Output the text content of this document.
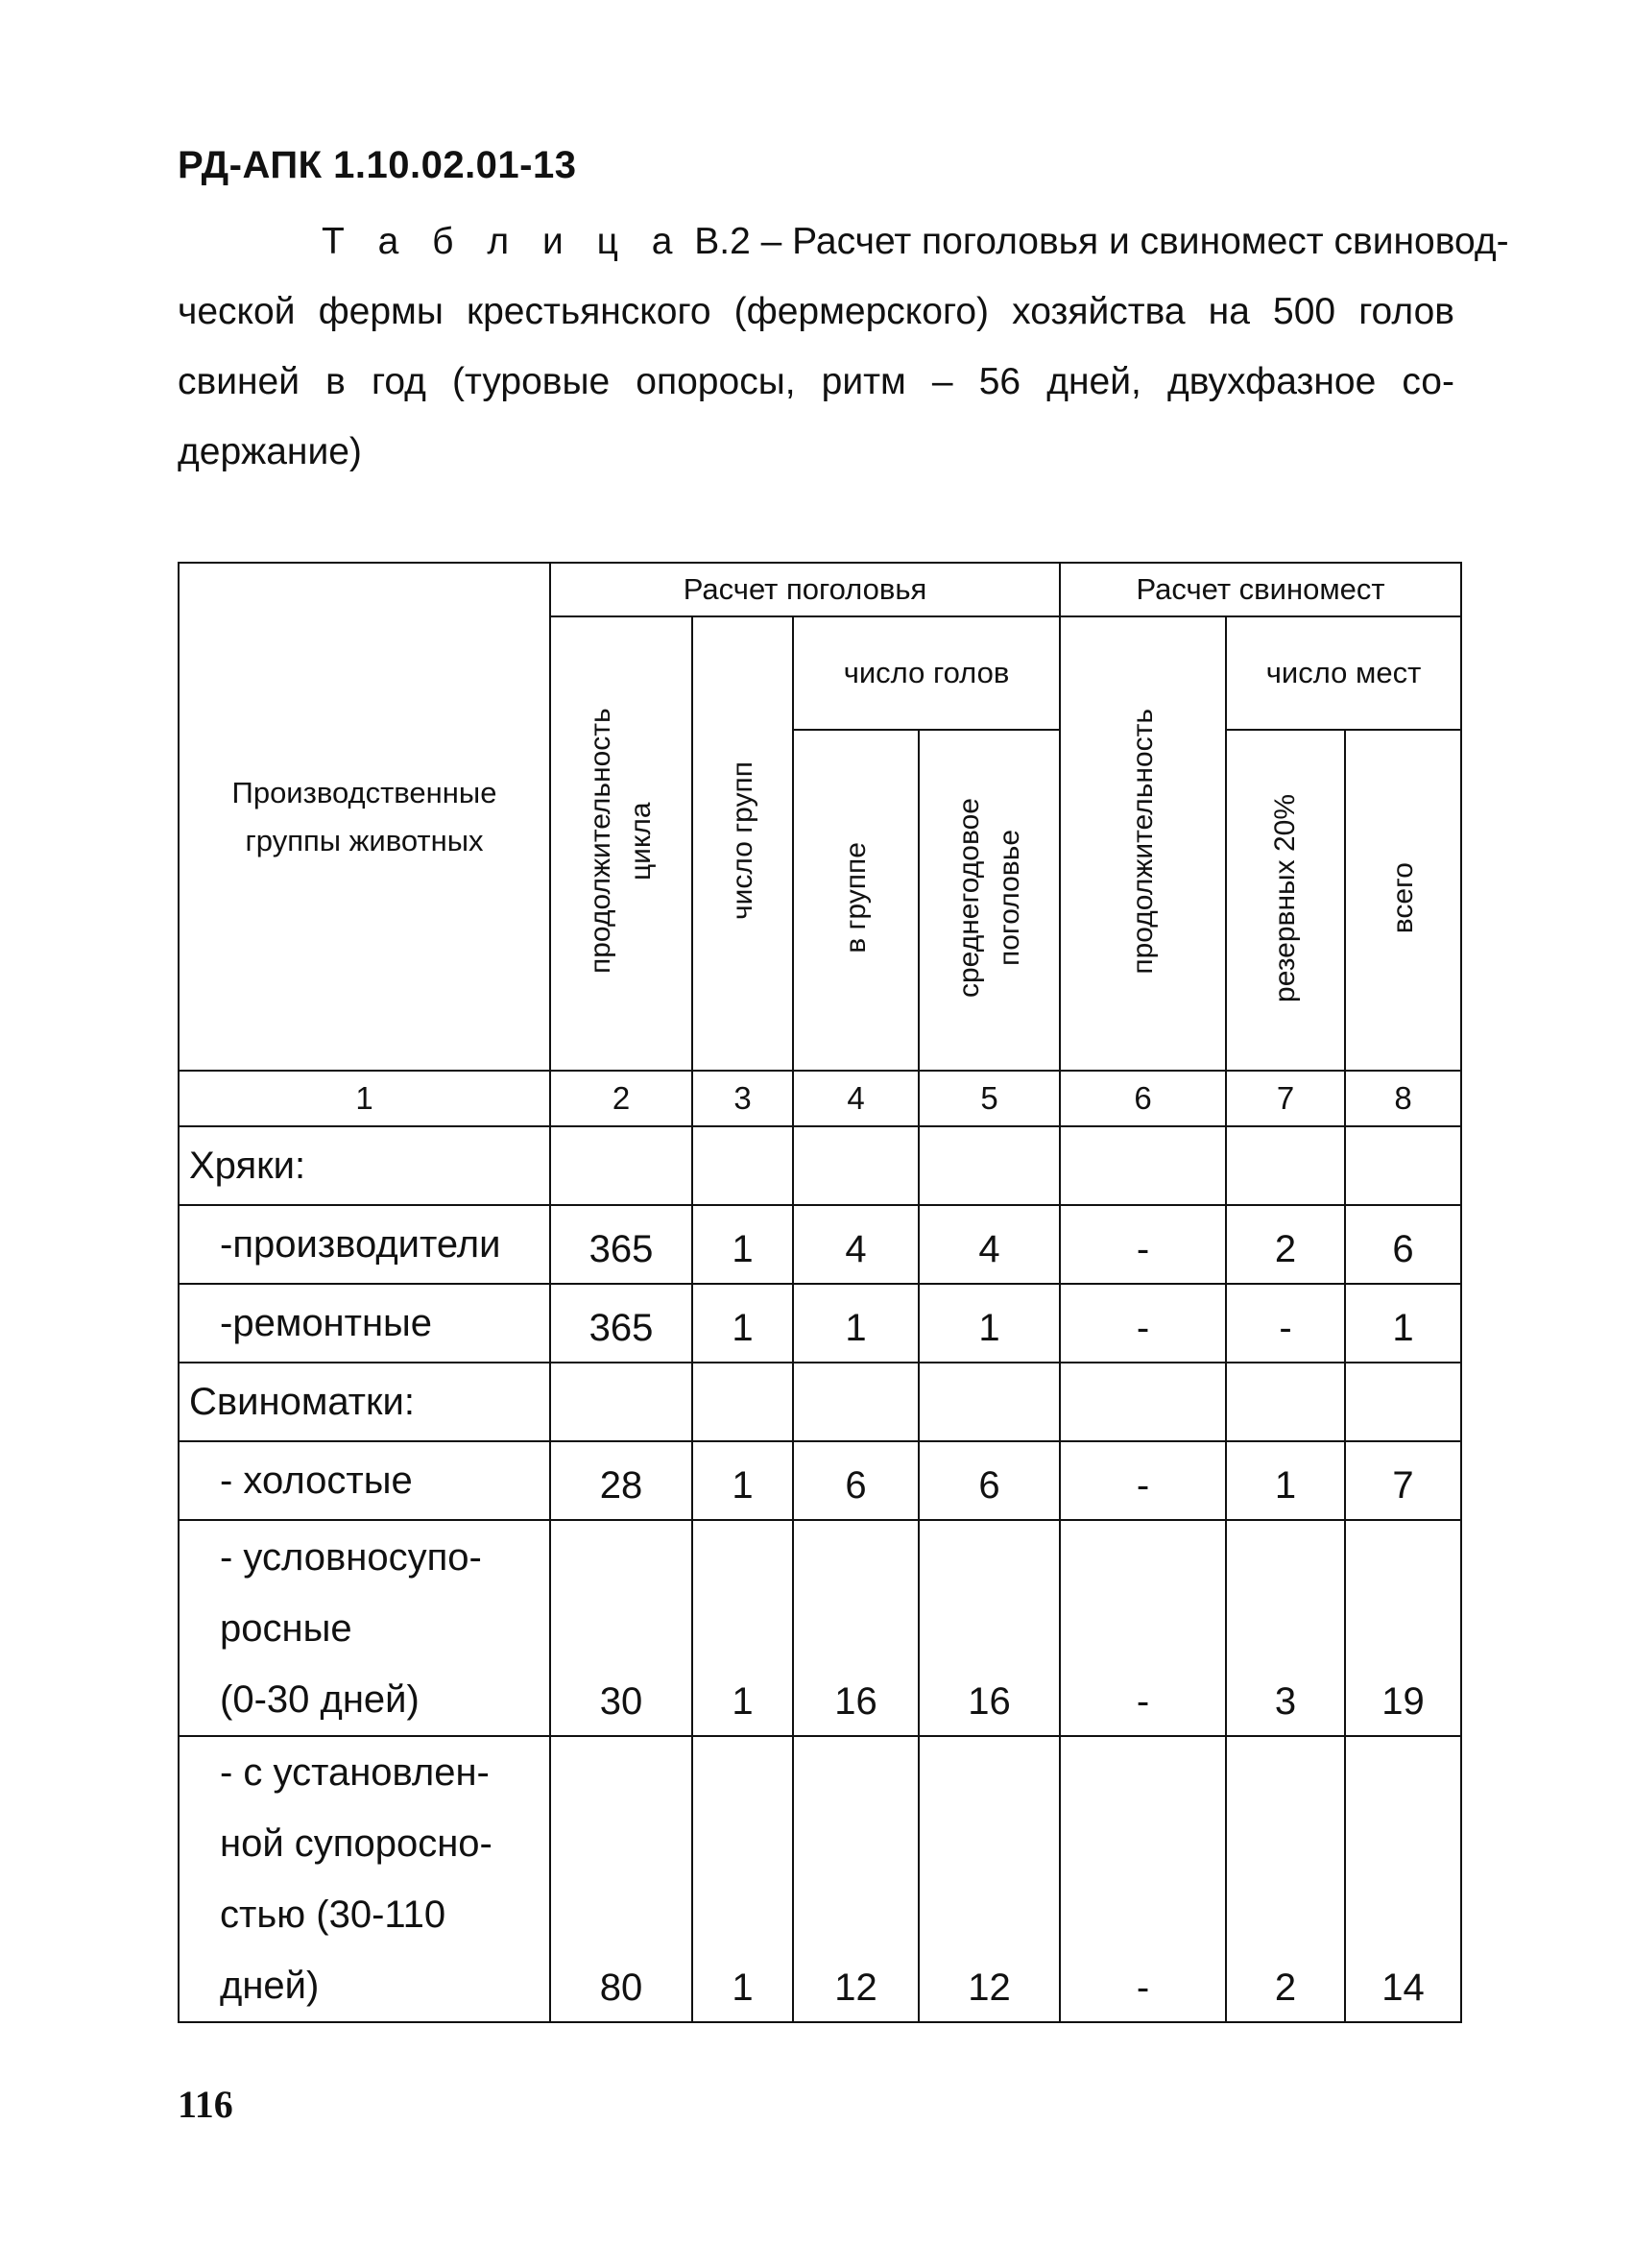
РД-АПК 1.10.02.01-13
Т а б л и ц а В.2 – Расчет поголовья и свиномест свиновод-
ческой фермы крестьянского (фермерского) хозяйства на 500 голов
свиней в год (туровые опоросы, ритм – 56 дней, двухфазное со-
держание)
Производственные группы животных	Расчет поголовья				Расчет свиномест		
	продолжительность цикла	число групп	число голов		продолжительность	число мест	
			в группе	среднегодовое поголовье		резервных 20%	всего
1	2	3	4	5	6	7	8
Хряки:							
-производители	365	1	4	4	-	2	6
-ремонтные	365	1	1	1	-	-	1
Свиноматки:							
- холостые	28	1	6	6	-	1	7

- условносупо-
росные
(0-30 дней)	30	1	16	16	-	3	19

- с установлен-
ной супоросно-
стью (30-110
дней)	80	1	12	12	-	2	14
116
